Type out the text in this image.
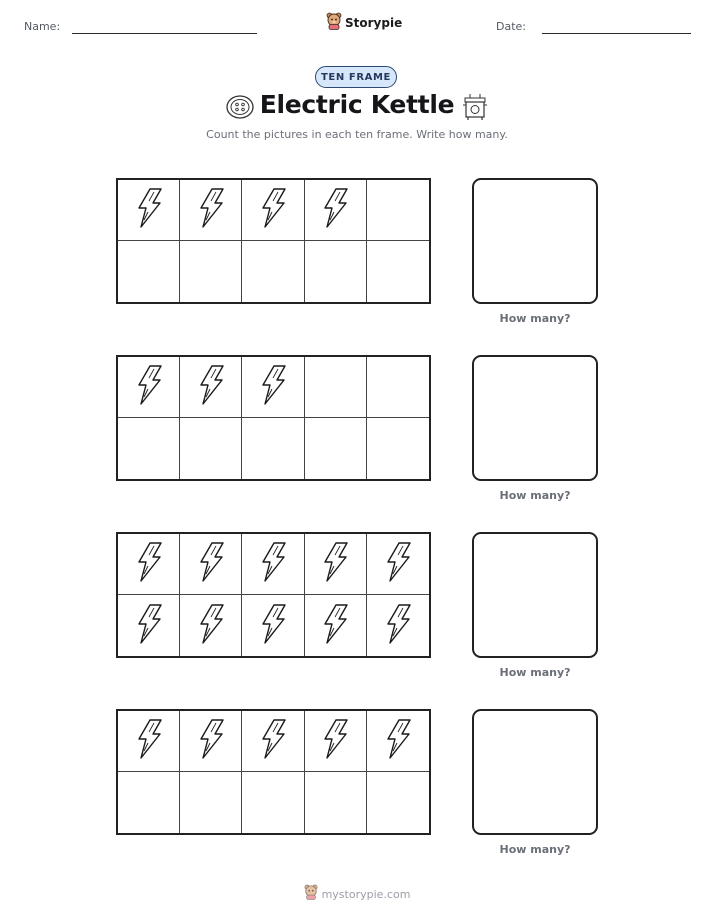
Name:	Storypie	Date:
TEN FRAME
Electric Kettle
Count the pictures in each ten frame. Write how many.
How many?
How many?
How many?
How many?
mystorypie.com
